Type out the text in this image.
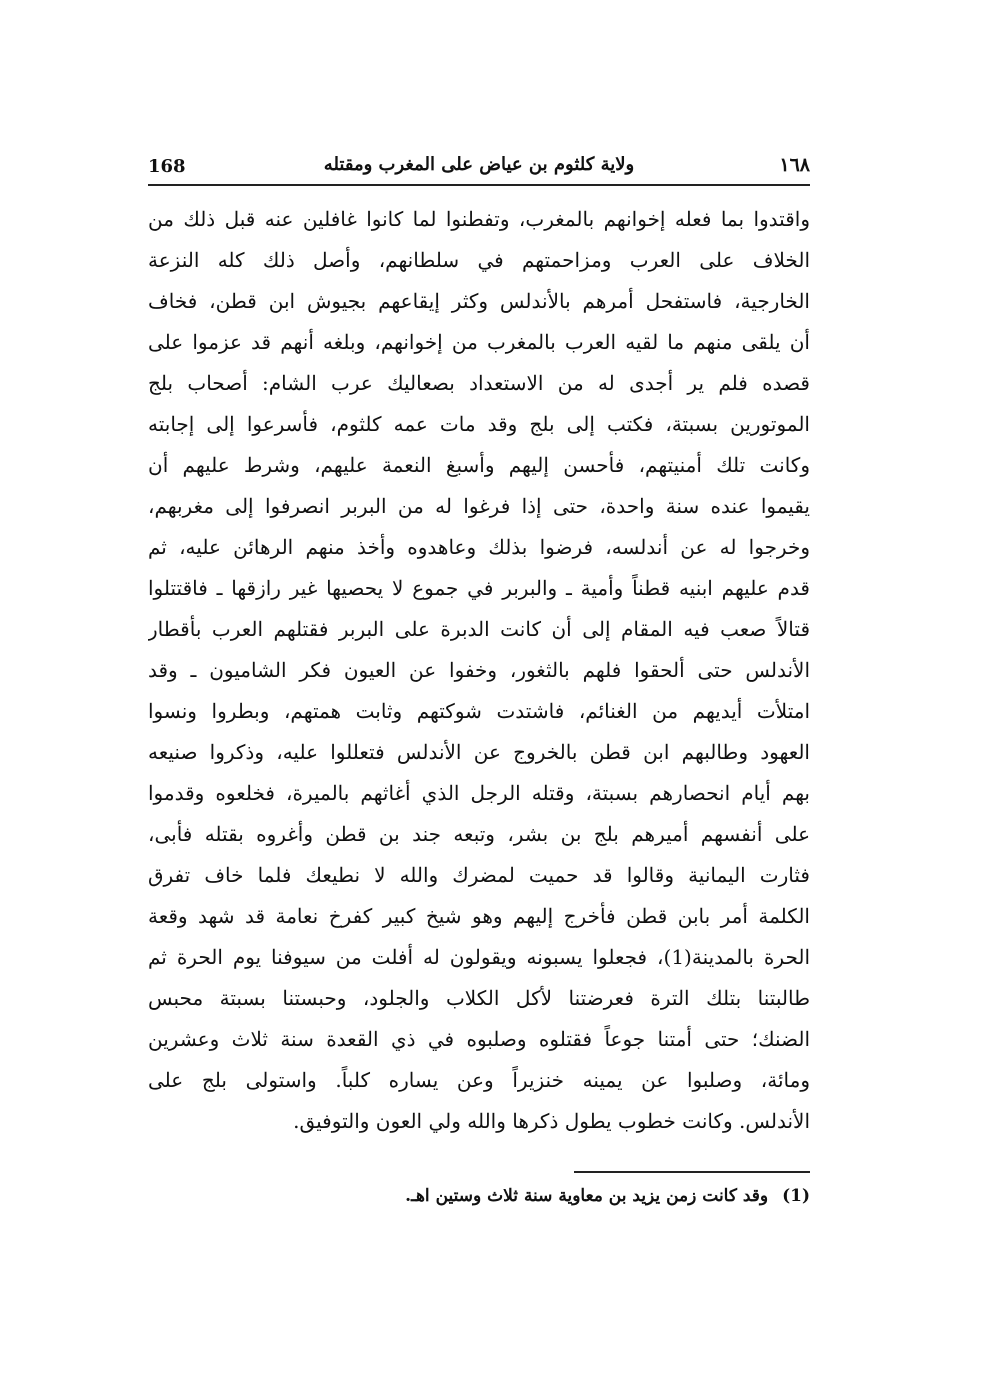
168	ولاية كلثوم بن عياض على المغرب ومقتله	١٦٨
واقتدوا بما فعله إخوانهم بالمغرب، وتفطنوا لما كانوا غافلين عنه قبل ذلك من
الخلاف على العرب ومزاحمتهم في سلطانهم، وأصل ذلك كله النزعة
الخارجية، فاستفحل أمرهم بالأندلس وكثر إيقاعهم بجيوش ابن قطن، فخاف
أن يلقى منهم ما لقيه العرب بالمغرب من إخوانهم، وبلغه أنهم قد عزموا على
قصده فلم ير أجدى له من الاستعداد بصعاليك عرب الشام: أصحاب بلج
الموتورين بسبتة، فكتب إلى بلج وقد مات عمه كلثوم، فأسرعوا إلى إجابته
وكانت تلك أمنيتهم، فأحسن إليهم وأسبغ النعمة عليهم، وشرط عليهم أن
يقيموا عنده سنة واحدة، حتى إذا فرغوا له من البربر انصرفوا إلى مغربهم،
وخرجوا له عن أندلسه، فرضوا بذلك وعاهدوه وأخذ منهم الرهائن عليه، ثم
قدم عليهم ابنيه قطناً وأمية ـ والبربر في جموع لا يحصيها غير رازقها ـ فاقتتلوا
قتالاً صعب فيه المقام إلى أن كانت الدبرة على البربر فقتلهم العرب بأقطار
الأندلس حتى ألحقوا فلهم بالثغور، وخفوا عن العيون فكر الشاميون ـ وقد
امتلأت أيديهم من الغنائم، فاشتدت شوكتهم وثابت همتهم، وبطروا ونسوا
العهود وطالبهم ابن قطن بالخروج عن الأندلس فتعللوا عليه، وذكروا صنيعه
بهم أيام انحصارهم بسبتة، وقتله الرجل الذي أغاثهم بالميرة، فخلعوه وقدموا
على أنفسهم أميرهم بلج بن بشر، وتبعه جند بن قطن وأغروه بقتله فأبى،
فثارت اليمانية وقالوا قد حميت لمضرك والله لا نطيعك فلما خاف تفرق
الكلمة أمر بابن قطن فأخرج إليهم وهو شيخ كبير كفرخ نعامة قد شهد وقعة
الحرة بالمدينة(1)، فجعلوا يسبونه ويقولون له أفلت من سيوفنا يوم الحرة ثم
طالبتنا بتلك الترة فعرضتنا لأكل الكلاب والجلود، وحبستنا بسبتة محبس
الضنك؛ حتى أمتنا جوعاً فقتلوه وصلبوه في ذي القعدة سنة ثلاث وعشرين
ومائة، وصلبوا عن يمينه خنزيراً وعن يساره كلباً. واستولى بلج على
الأندلس. وكانت خطوب يطول ذكرها والله ولي العون والتوفيق.
(1) وقد كانت زمن يزيد بن معاوية سنة ثلاث وستين اهـ.
